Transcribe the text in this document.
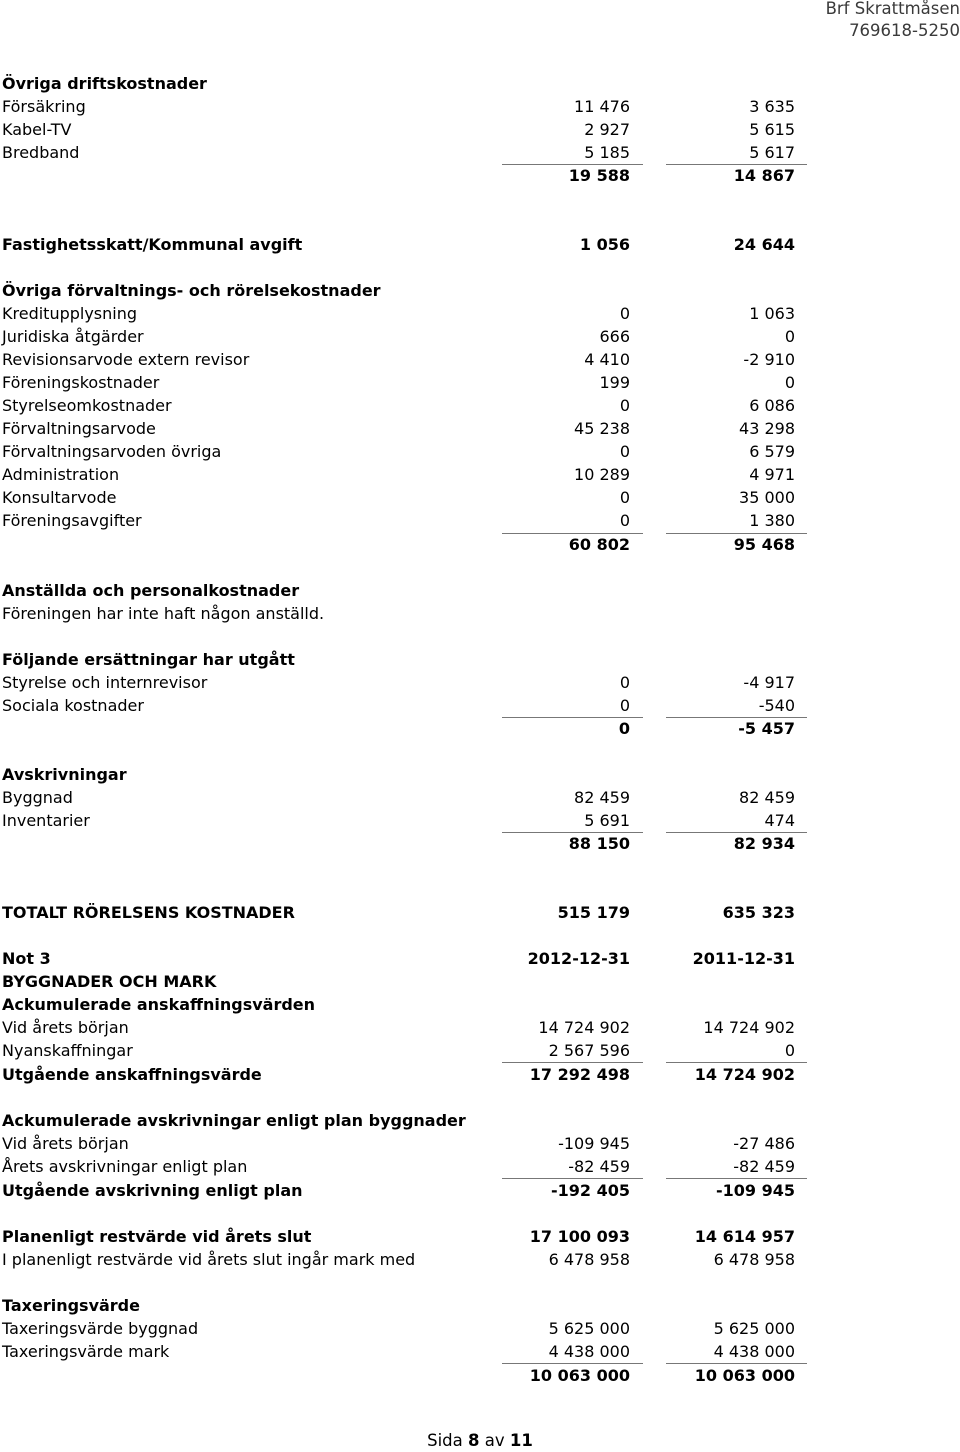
Brf Skrattmåsen
769618-5250
Övriga driftskostnader
Försäkring	11 476	3 635
Kabel-TV	2 927	5 615
Bredband	5 185	5 617
19 588	14 867
Fastighetsskatt/Kommunal avgift	1 056	24 644
Övriga förvaltnings- och rörelsekostnader
Kreditupplysning	0	1 063
Juridiska åtgärder	666	0
Revisionsarvode extern revisor	4 410	-2 910
Föreningskostnader	199	0
Styrelseomkostnader	0	6 086
Förvaltningsarvode	45 238	43 298
Förvaltningsarvoden övriga	0	6 579
Administration	10 289	4 971
Konsultarvode	0	35 000
Föreningsavgifter	0	1 380
60 802	95 468
Anställda och personalkostnader
Föreningen har inte haft någon anställd.
Följande ersättningar har utgått
Styrelse och internrevisor	0	-4 917
Sociala kostnader	0	-540
0	-5 457
Avskrivningar
Byggnad	82 459	82 459
Inventarier	5 691	474
88 150	82 934
TOTALT RÖRELSENS KOSTNADER	515 179	635 323
Not 3	2012-12-31	2011-12-31
BYGGNADER OCH MARK
Ackumulerade anskaffningsvärden
Vid årets början	14 724 902	14 724 902
Nyanskaffningar	2 567 596	0
Utgående anskaffningsvärde	17 292 498	14 724 902
Ackumulerade avskrivningar enligt plan byggnader
Vid årets början	-109 945	-27 486
Årets avskrivningar enligt plan	-82 459	-82 459
Utgående avskrivning enligt plan	-192 405	-109 945
Planenligt restvärde vid årets slut	17 100 093	14 614 957
I planenligt restvärde vid årets slut ingår mark med	6 478 958	6 478 958
Taxeringsvärde
Taxeringsvärde byggnad	5 625 000	5 625 000
Taxeringsvärde mark	4 438 000	4 438 000
10 063 000	10 063 000
Sida 8 av 11
